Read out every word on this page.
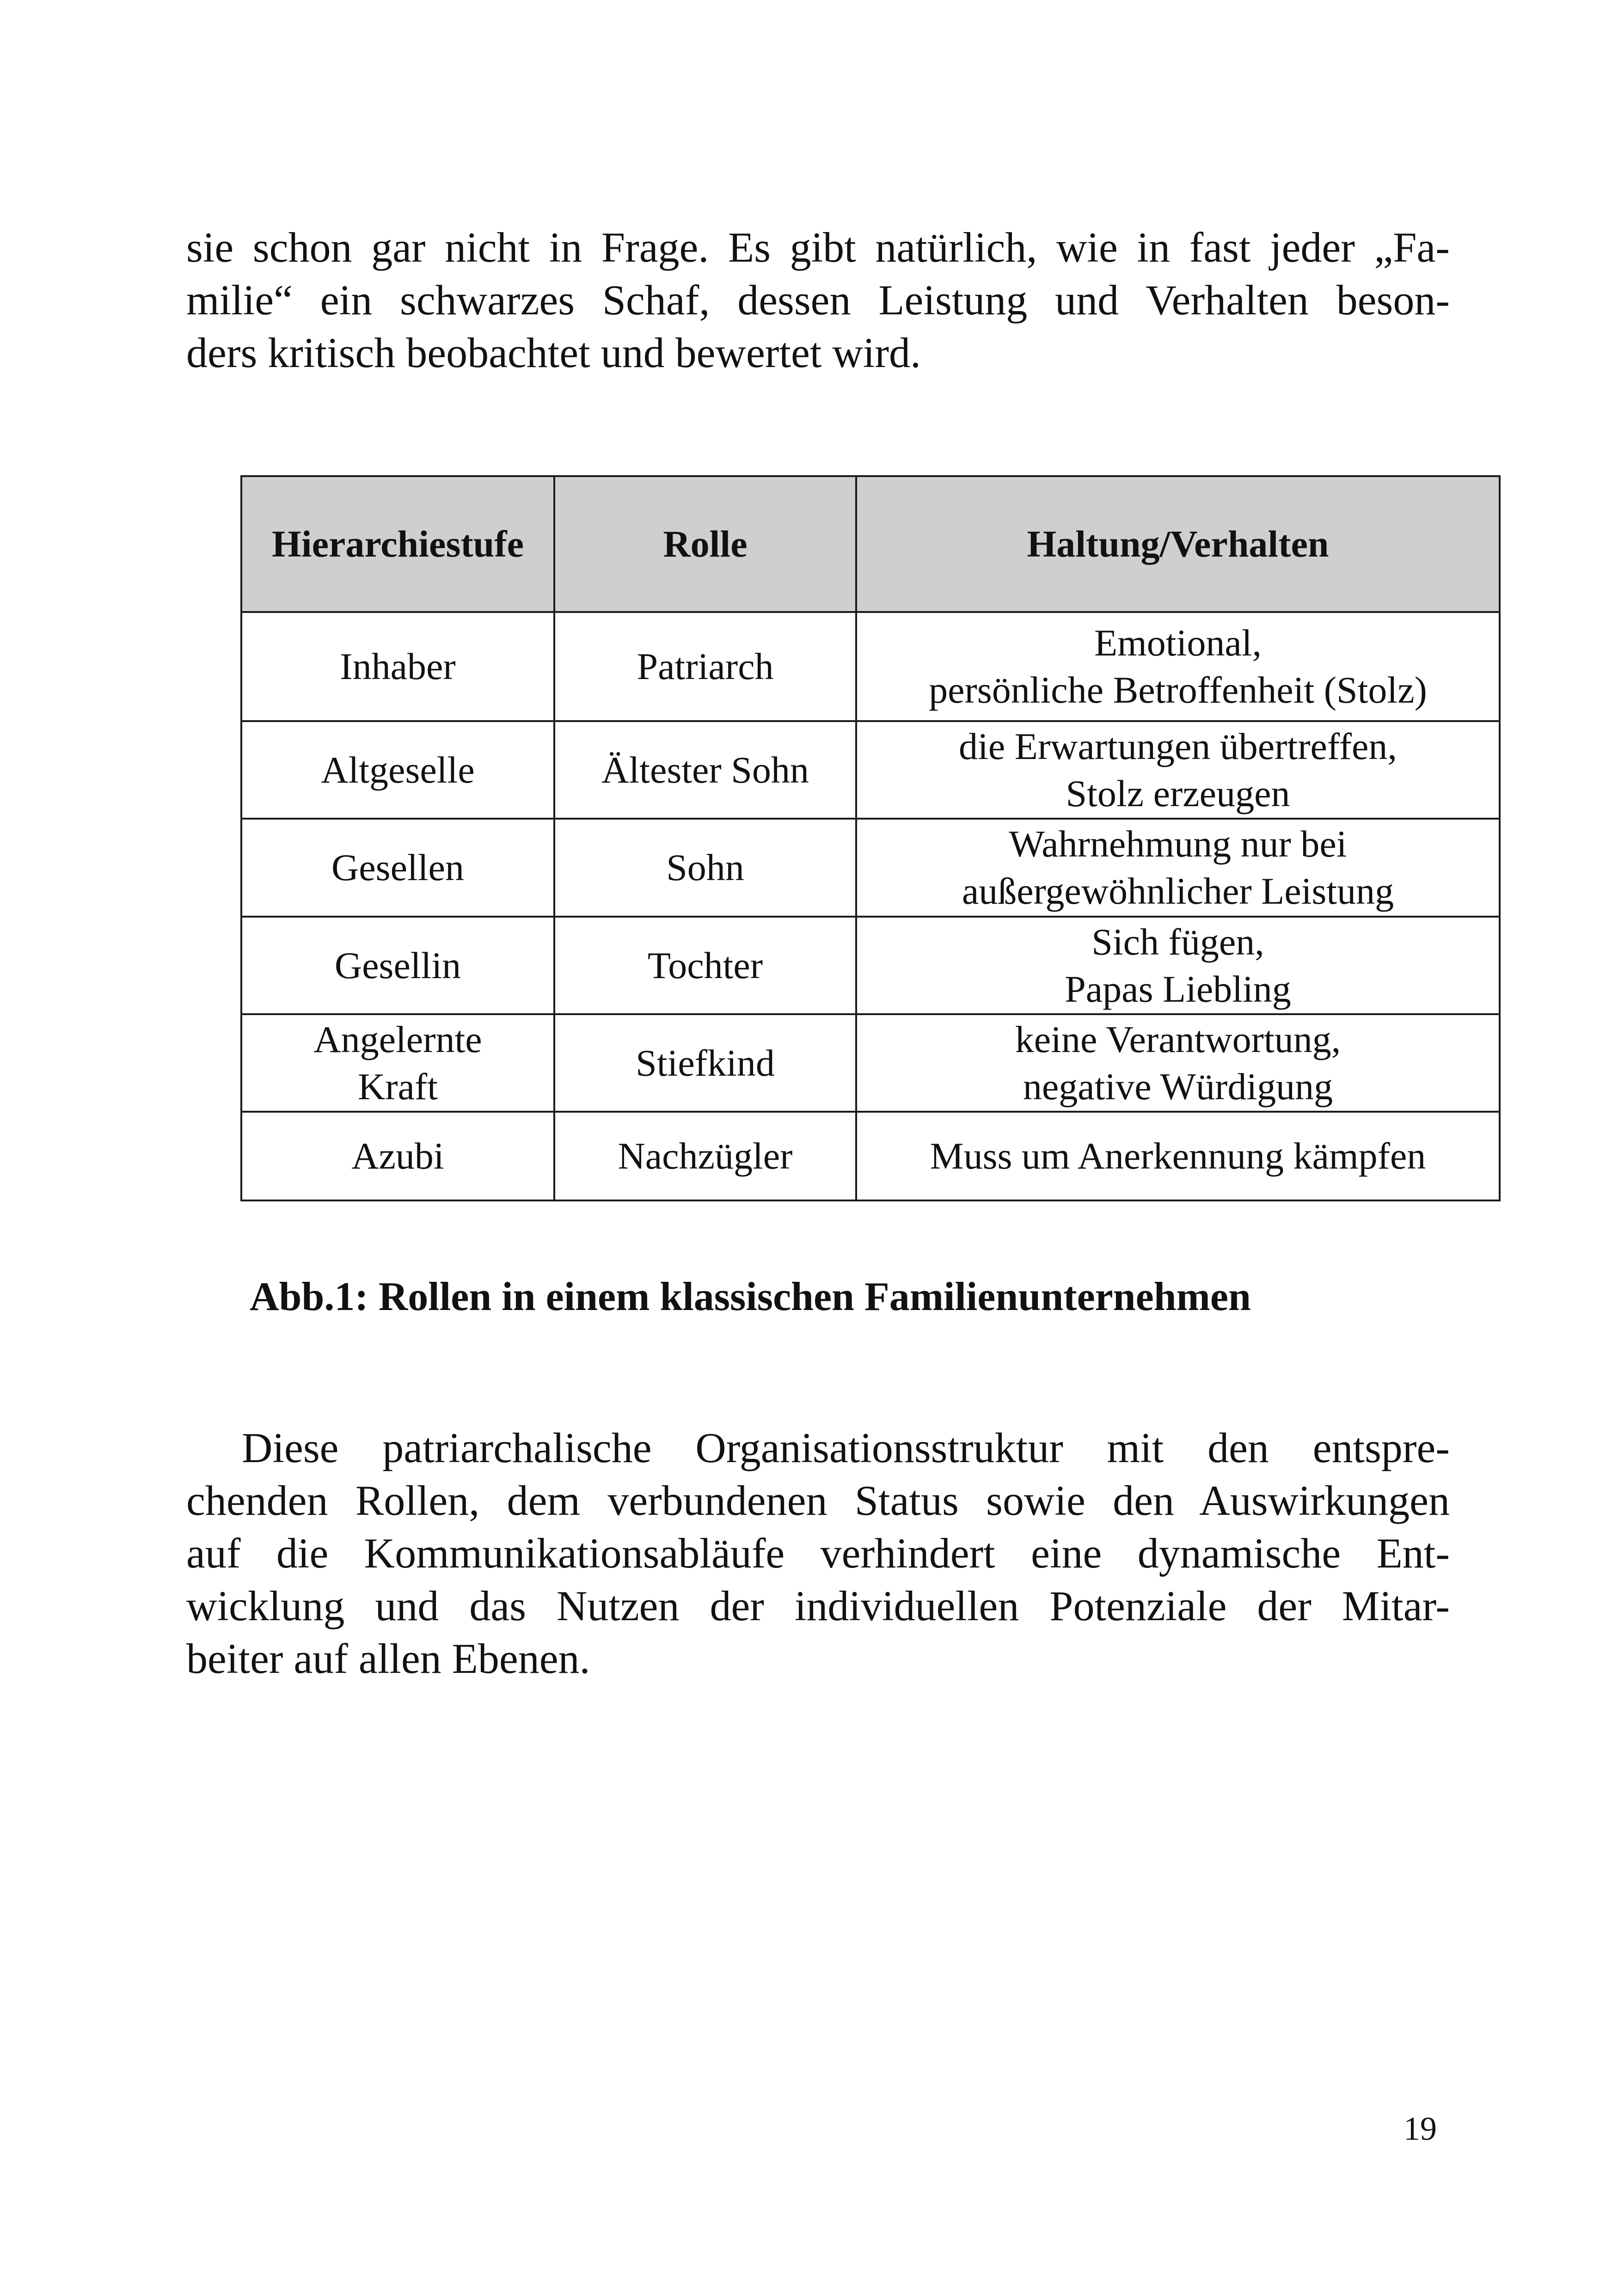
sie schon gar nicht in Frage. Es gibt natürlich, wie in fast jeder „Fa-
milie“ ein schwarzes Schaf, dessen Leistung und Verhalten beson-
ders kritisch beobachtet und bewertet wird.

Hierarchiestufe	Rolle	Haltung/Verhalten

Inhaber	Patriarch	Emotional,
persönliche Betroffenheit (Stolz)

Altgeselle	Ältester Sohn	die Erwartungen übertreffen,
Stolz erzeugen

Gesellen	Sohn	Wahrnehmung nur bei
außergewöhnlicher Leistung

Gesellin	Tochter	Sich fügen,
Papas Liebling

Angelernte
Kraft	Stiefkind	keine Verantwortung,
negative Würdigung

Azubi	Nachzügler	Muss um Anerkennung kämpfen

Abb.1: Rollen in einem klassischen Familienunternehmen

Diese patriarchalische Organisationsstruktur mit den entspre-
chenden Rollen, dem verbundenen Status sowie den Auswirkungen
auf die Kommunikationsabläufe verhindert eine dynamische Ent-
wicklung und das Nutzen der individuellen Potenziale der Mitar-
beiter auf allen Ebenen.

19
